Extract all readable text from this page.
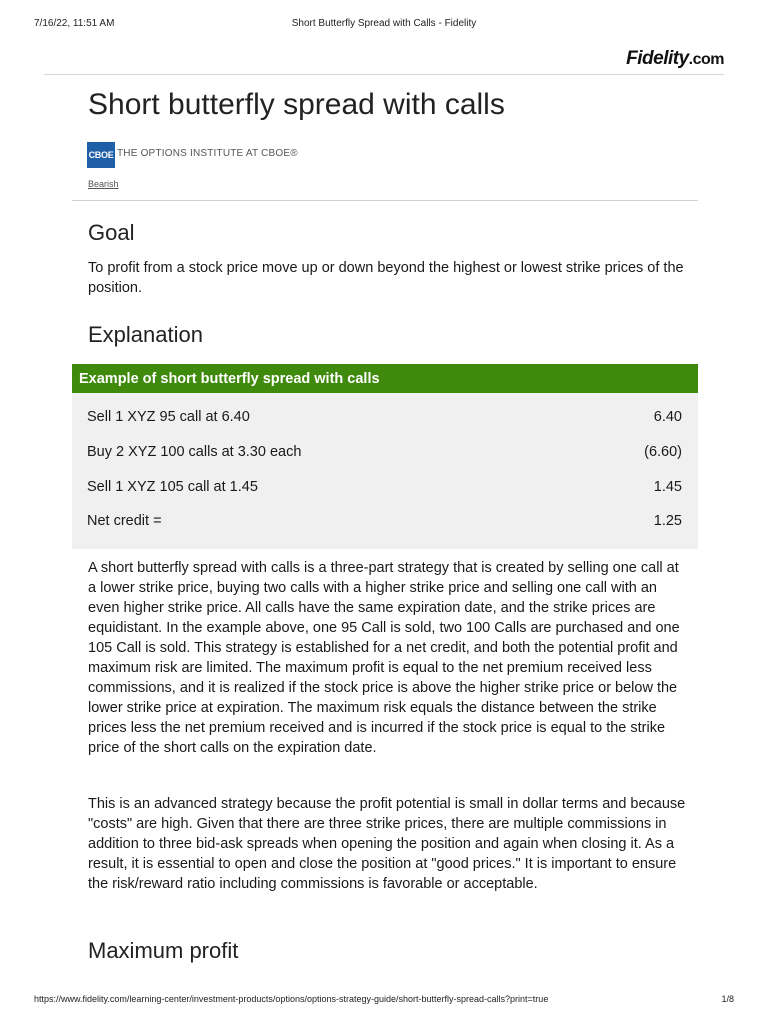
7/16/22, 11:51 AM	Short Butterfly Spread with Calls - Fidelity
Fidelity.com
Short butterfly spread with calls
CBOE THE OPTIONS INSTITUTE AT CBOE®
Bearish
Goal

To profit from a stock price move up or down beyond the highest or lowest strike prices of the position.

Explanation
Example of short butterfly spread with calls
Sell 1 XYZ 95 call at 6.40	6.40
Buy 2 XYZ 100 calls at 3.30 each	(6.60)
Sell 1 XYZ 105 call at 1.45	1.45
Net credit =	1.25

A short butterfly spread with calls is a three-part strategy that is created by selling one call at a lower strike price, buying two calls with a higher strike price and selling one call with an even higher strike price. All calls have the same expiration date, and the strike prices are equidistant. In the example above, one 95 Call is sold, two 100 Calls are purchased and one 105 Call is sold. This strategy is established for a net credit, and both the potential profit and maximum risk are limited. The maximum profit is equal to the net premium received less commissions, and it is realized if the stock price is above the higher strike price or below the lower strike price at expiration. The maximum risk equals the distance between the strike prices less the net premium received and is incurred if the stock price is equal to the strike price of the short calls on the expiration date.

This is an advanced strategy because the profit potential is small in dollar terms and because "costs" are high. Given that there are three strike prices, there are multiple commissions in addition to three bid-ask spreads when opening the position and again when closing it. As a result, it is essential to open and close the position at "good prices." It is important to ensure the risk/reward ratio including commissions is favorable or acceptable.

Maximum profit
https://www.fidelity.com/learning-center/investment-products/options/options-strategy-guide/short-butterfly-spread-calls?print=true	1/8
